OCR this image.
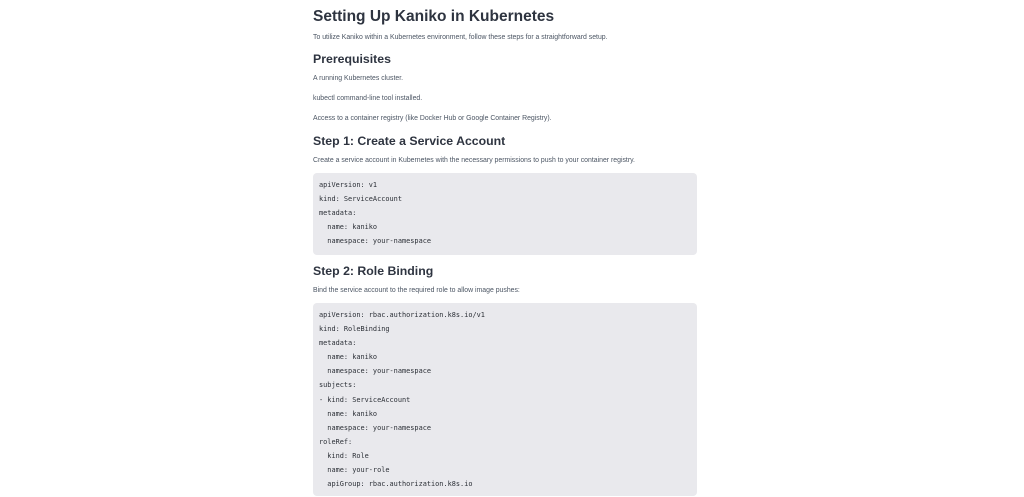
Setting Up Kaniko in Kubernetes

To utilize Kaniko within a Kubernetes environment, follow these steps for a straightforward setup.

Prerequisites

A running Kubernetes cluster.

kubectl command-line tool installed.

Access to a container registry (like Docker Hub or Google Container Registry).

Step 1: Create a Service Account

Create a service account in Kubernetes with the necessary permissions to push to your container registry.

apiVersion: v1
kind: ServiceAccount
metadata:
name: kaniko
namespace: your-namespace
Step 2: Role Binding

Bind the service account to the required role to allow image pushes:

apiVersion: rbac.authorization.k8s.io/v1
kind: RoleBinding
metadata:
name: kaniko
namespace: your-namespace
subjects:
- kind: ServiceAccount
name: kaniko
namespace: your-namespace
roleRef:
kind: Role
name: your-role
apiGroup: rbac.authorization.k8s.io
